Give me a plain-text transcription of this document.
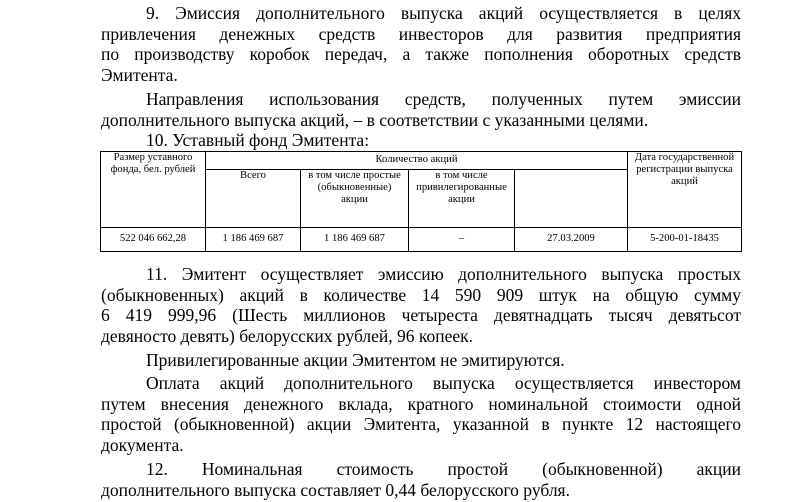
9. Эмиссия дополнительного выпуска акций осуществляется в целях
привлечения денежных средств инвесторов для развития предприятия
по производству коробок передач, а также пополнения оборотных средств
Эмитента.
Направления использования средств, полученных путем эмиссии
дополнительного выпуска акций, – в соответствии с указанными целями.
10. Уставный фонд Эмитента:
Размер уставного фонда, бел. рублей	Количество акций				Дата государственной регистрации выпуска акций	
	Всего	в том числе простые (обыкновенные) акции	в том числе привилегированные акции			
522 046 662,28	1 186 469 687	1 186 469 687	–	27.03.2009	5-200-01-18435	
11. Эмитент осуществляет эмиссию дополнительного выпуска простых
(обыкновенных) акций в количестве 14 590 909 штук на общую сумму
6 419 999,96 (Шесть миллионов четыреста девятнадцать тысяч девятьсот
девяносто девять) белорусских рублей, 96 копеек.
Привилегированные акции Эмитентом не эмитируются.
Оплата акций дополнительного выпуска осуществляется инвестором
путем внесения денежного вклада, кратного номинальной стоимости одной
простой (обыкновенной) акции Эмитента, указанной в пункте 12 настоящего
документа.
12. Номинальная стоимость простой (обыкновенной) акции
дополнительного выпуска составляет 0,44 белорусского рубля.
